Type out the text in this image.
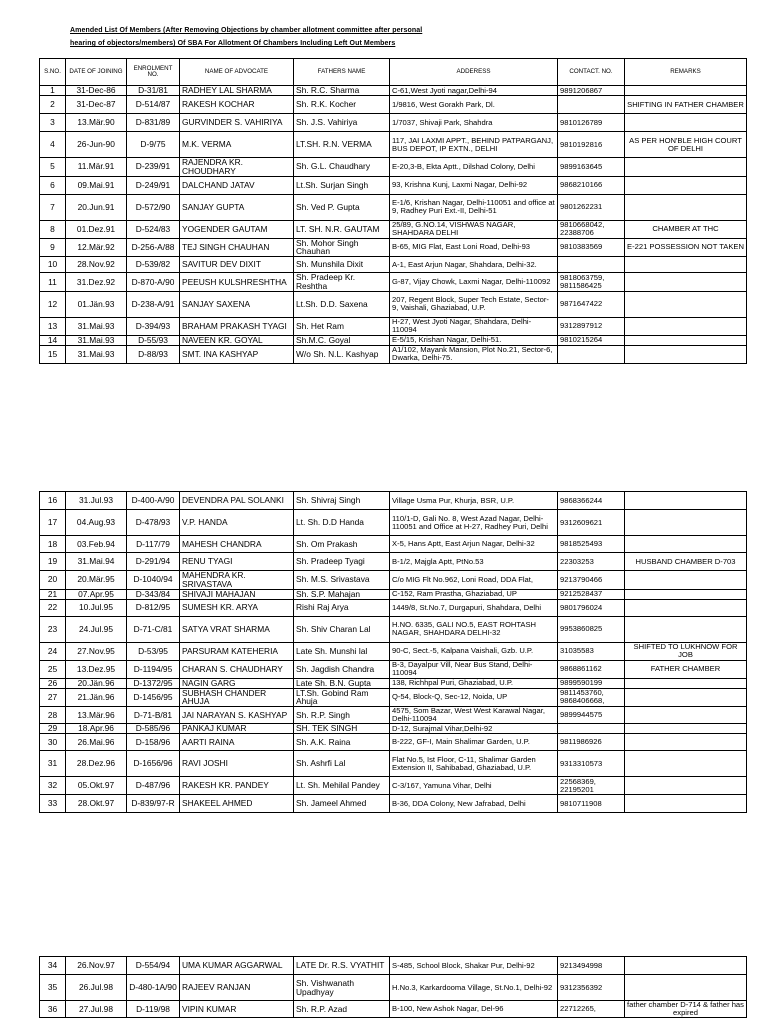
Amended List Of Members (After Removing Objections by chamber allotment committee after personal
hearing of objectors/members) Of SBA For Allotment Of Chambers Including Left Out Members
S.NO.	DATE OF JOINING	ENROLMENT NO.	NAME OF ADVOCATE	FATHERS NAME	ADDERESS	CONTACT. NO.	REMARKS
1	31-Dec-86	D-31/81	RADHEY LAL SHARMA	Sh. R.C. Sharma	C-61,West Jyoti nagar,Delhi-94	9891206867	
2	31-Dec-87	D-514/87	RAKESH KOCHAR	Sh. R.K. Kocher	1/9816, West Gorakh Park, Dl.		SHIFTING IN FATHER CHAMBER
3	13.Mär.90	D-831/89	GURVINDER S. VAHIRIYA	Sh. J.S. Vahiriya	1/7037, Shivaji Park, Shahdra	9810126789	
4	26-Jun-90	D-9/75	M.K. VERMA	LT.SH. R.N. VERMA	117, JAI LAXMI APPT., BEHIND PATPARGANJ, BUS DEPOT, IP EXTN., DELHI	9810192816	AS PER HON'BLE HIGH COURT OF DELHI
5	11.Mär.91	D-239/91	RAJENDRA KR. CHOUDHARY	Sh. G.L. Chaudhary	E-20,3-B, Ekta Aptt., Dilshad Colony, Delhi	9899163645	
6	09.Mai.91	D-249/91	DALCHAND JATAV	Lt.Sh. Surjan Singh	93, Krishna Kunj, Laxmi Nagar, Delhi-92	9868210166	
7	20.Jun.91	D-572/90	SANJAY GUPTA	Sh. Ved P. Gupta	E-1/6, Krishan Nagar, Delhi-110051 and office at 9, Radhey Puri Ext.-II, Delhi-51	9801262231	
8	01.Dez.91	D-524/83	YOGENDER GAUTAM	LT. SH. N.R. GAUTAM	25/89, G.NO.14, VISHWAS NAGAR, SHAHDARA DELHI	9810668042, 22388706	CHAMBER AT THC
9	12.Mär.92	D-256-A/88	TEJ SINGH CHAUHAN	Sh. Mohor Singh Chauhan	B-65, MIG Flat, East Loni Road, Delhi-93	9810383569	E-221 POSSESSION NOT TAKEN
10	28.Nov.92	D-539/82	SAVITUR DEV DIXIT	Sh. Munshila Dixit	A-1, East Arjun Nagar, Shahdara, Delhi-32.		
11	31.Dez.92	D-870-A/90	PEEUSH KULSHRESHTHA	Sh. Pradeep Kr. Reshtha	G-87, Vijay Chowk, Laxmi Nagar, Delhi-110092	9818063759, 9811586425	
12	01.Jän.93	D-238-A/91	SANJAY SAXENA	Lt.Sh. D.D. Saxena	207, Regent Block, Super Tech Estate, Sector-9, Vaishali, Ghaziabad, U.P.	9871647422	
13	31.Mai.93	D-394/93	BRAHAM PRAKASH TYAGI	Sh. Het Ram	H-27, West Jyoti Nagar, Shahdara, Delhi-110094	9312897912	
14	31.Mai.93	D-55/93	NAVEEN KR. GOYAL	Sh.M.C. Goyal	E-5/15, Krishan Nagar, Delhi-51.	9810215264	
15	31.Mai.93	D-88/93	SMT. INA KASHYAP	W/o Sh. N.L. Kashyap	A1/102, Mayank Mansion, Plot No.21, Sector-6, Dwarka, Delhi-75.		
16	31.Jul.93	D-400-A/90	DEVENDRA PAL SOLANKI	Sh. Shivraj Singh	Village Usma Pur, Khurja, BSR, U.P.	9868366244	
17	04.Aug.93	D-478/93	V.P. HANDA	Lt. Sh. D.D Handa	110/1-D, Gali No. 8, West Azad Nagar, Delhi-110051 and Office at H-27, Radhey Puri, Delhi	9312609621	
18	03.Feb.94	D-117/79	MAHESH CHANDRA	Sh. Om Prakash	X-5, Hans Aptt, East Arjun Nagar, Delhi-32	9818525493	
19	31.Mai.94	D-291/94	RENU TYAGI	Sh. Pradeep Tyagi	B-1/2, Majgla Aptt, PtNo.53	22303253	HUSBAND CHAMBER D-703
20	20.Mär.95	D-1040/94	MAHENDRA KR. SRIVASTAVA	Sh. M.S. Srivastava	C/o MIG Flt No.962, Loni Road, DDA Flat,	9213790466	
21	07.Apr.95	D-343/84	SHIVAJI MAHAJAN	Sh. S.P. Mahajan	C-152, Ram Prastha, Ghaziabad, UP	9212528437	
22	10.Jul.95	D-812/95	SUMESH KR. ARYA	Rishi Raj Arya	1449/8, St.No.7, Durgapuri, Shahdara, Delhi	9801796024	
23	24.Jul.95	D-71-C/81	SATYA VRAT SHARMA	Sh. Shiv Charan Lal	H.NO. 6335, GALI NO.5, EAST ROHTASH NAGAR, SHAHDARA DELHI-32	9953860825	
24	27.Nov.95	D-53/95	PARSURAM KATEHERIA	Late Sh. Munshi lal	90-C, Sect.-5, Kalpana Vaishali, Gzb. U.P.	31035583	SHIFTED TO LUKHNOW FOR JOB
25	13.Dez.95	D-1194/95	CHARAN S. CHAUDHARY	Sh. Jagdish Chandra	B-3, Dayalpur Vill, Near Bus Stand, Delhi-110094	9868861162	FATHER CHAMBER
26	20.Jän.96	D-1372/95	NAGIN GARG	Late Sh. B.N. Gupta	138, Richhpal Puri, Ghaziabad, U.P.	9899590199	
27	21.Jän.96	D-1456/95	SUBHASH CHANDER AHUJA	LT.Sh. Gobind Ram Ahuja	Q-54, Block-Q, Sec-12, Noida, UP	9811453760, 9868406668,	
28	13.Mär.96	D-71-B/81	JAI NARAYAN S. KASHYAP	Sh. R.P. Singh	4575, Som Bazar, West West Karawal Nagar, Delhi-110094	9899944575	
29	18.Apr.96	D-585/96	PANKAJ KUMAR	SH. TEK SINGH	D-12, Surajmal Vihar,Delhi-92		
30	26.Mai.96	D-158/96	AARTI RAINA	Sh. A.K. Raina	B-222, GF-I, Main Shalimar Garden, U.P.	9811986926	
31	28.Dez.96	D-1656/96	RAVI JOSHI	Sh. Ashrfi Lal	Flat No.5, Ist Floor, C-11, Shalimar Garden Extension II, Sahibabad, Ghaziabad, U.P.	9313310573	
32	05.Okt.97	D-487/96	RAKESH KR. PANDEY	Lt. Sh. Mehilal Pandey	C-3/167, Yamuna Vihar, Delhi	22568369, 22195201	
33	28.Okt.97	D-839/97-R	SHAKEEL AHMED	Sh. Jameel Ahmed	B-36, DDA Colony, New Jafrabad, Delhi	9810711908	
34	26.Nov.97	D-554/94	UMA KUMAR AGGARWAL	LATE Dr. R.S. VYATHIT	S-485, School Block, Shakar Pur, Delhi-92	9213494998	
35	26.Jul.98	D-480-1A/90	RAJEEV RANJAN	Sh. Vishwanath Upadhyay	H.No.3, Karkardooma Village, St.No.1, Delhi-92	9312356392	
36	27.Jul.98	D-119/98	VIPIN KUMAR	Sh. R.P. Azad	B-100, New Ashok Nagar, Del-96	22712265,	father chamber D-714 & father has expired
